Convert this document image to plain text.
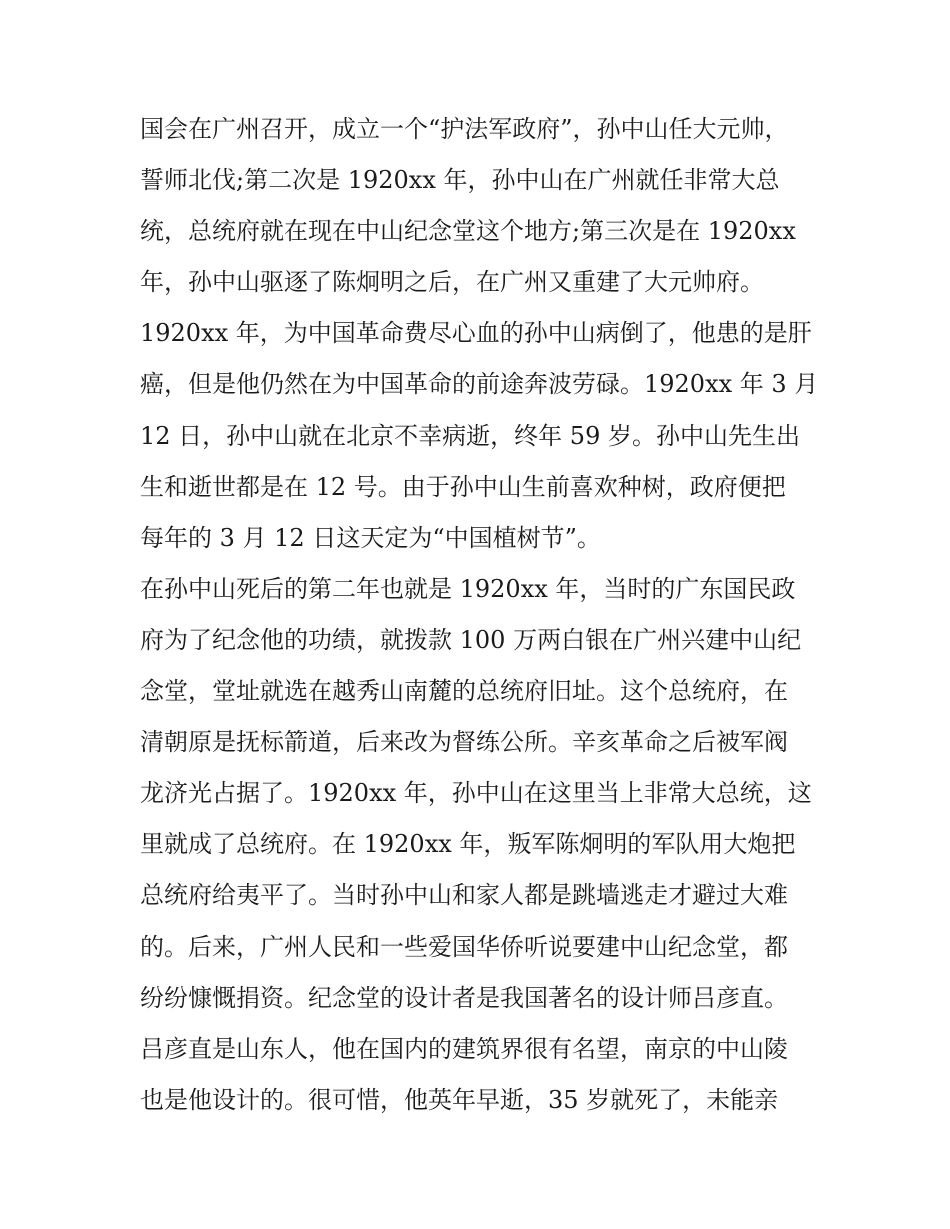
国会在广州召开，成立一个“护法军政府”，孙中山任大元帅，
誓师北伐;第二次是 1920xx 年，孙中山在广州就任非常大总
统，总统府就在现在中山纪念堂这个地方;第三次是在 1920xx
年，孙中山驱逐了陈炯明之后，在广州又重建了大元帅府。
1920xx 年，为中国革命费尽心血的孙中山病倒了，他患的是肝
癌，但是他仍然在为中国革命的前途奔波劳碌。1920xx 年 3 月
12 日，孙中山就在北京不幸病逝，终年 59 岁。孙中山先生出
生和逝世都是在 12 号。由于孙中山生前喜欢种树，政府便把
每年的 3 月 12 日这天定为“中国植树节”。
在孙中山死后的第二年也就是 1920xx 年，当时的广东国民政
府为了纪念他的功绩，就拨款 100 万两白银在广州兴建中山纪
念堂，堂址就选在越秀山南麓的总统府旧址。这个总统府，在
清朝原是抚标箭道，后来改为督练公所。辛亥革命之后被军阀
龙济光占据了。1920xx 年，孙中山在这里当上非常大总统，这
里就成了总统府。在 1920xx 年，叛军陈炯明的军队用大炮把
总统府给夷平了。当时孙中山和家人都是跳墙逃走才避过大难
的。后来，广州人民和一些爱国华侨听说要建中山纪念堂，都
纷纷慷慨捐资。纪念堂的设计者是我国著名的设计师吕彦直。
吕彦直是山东人，他在国内的建筑界很有名望，南京的中山陵
也是他设计的。很可惜，他英年早逝，35 岁就死了，未能亲
